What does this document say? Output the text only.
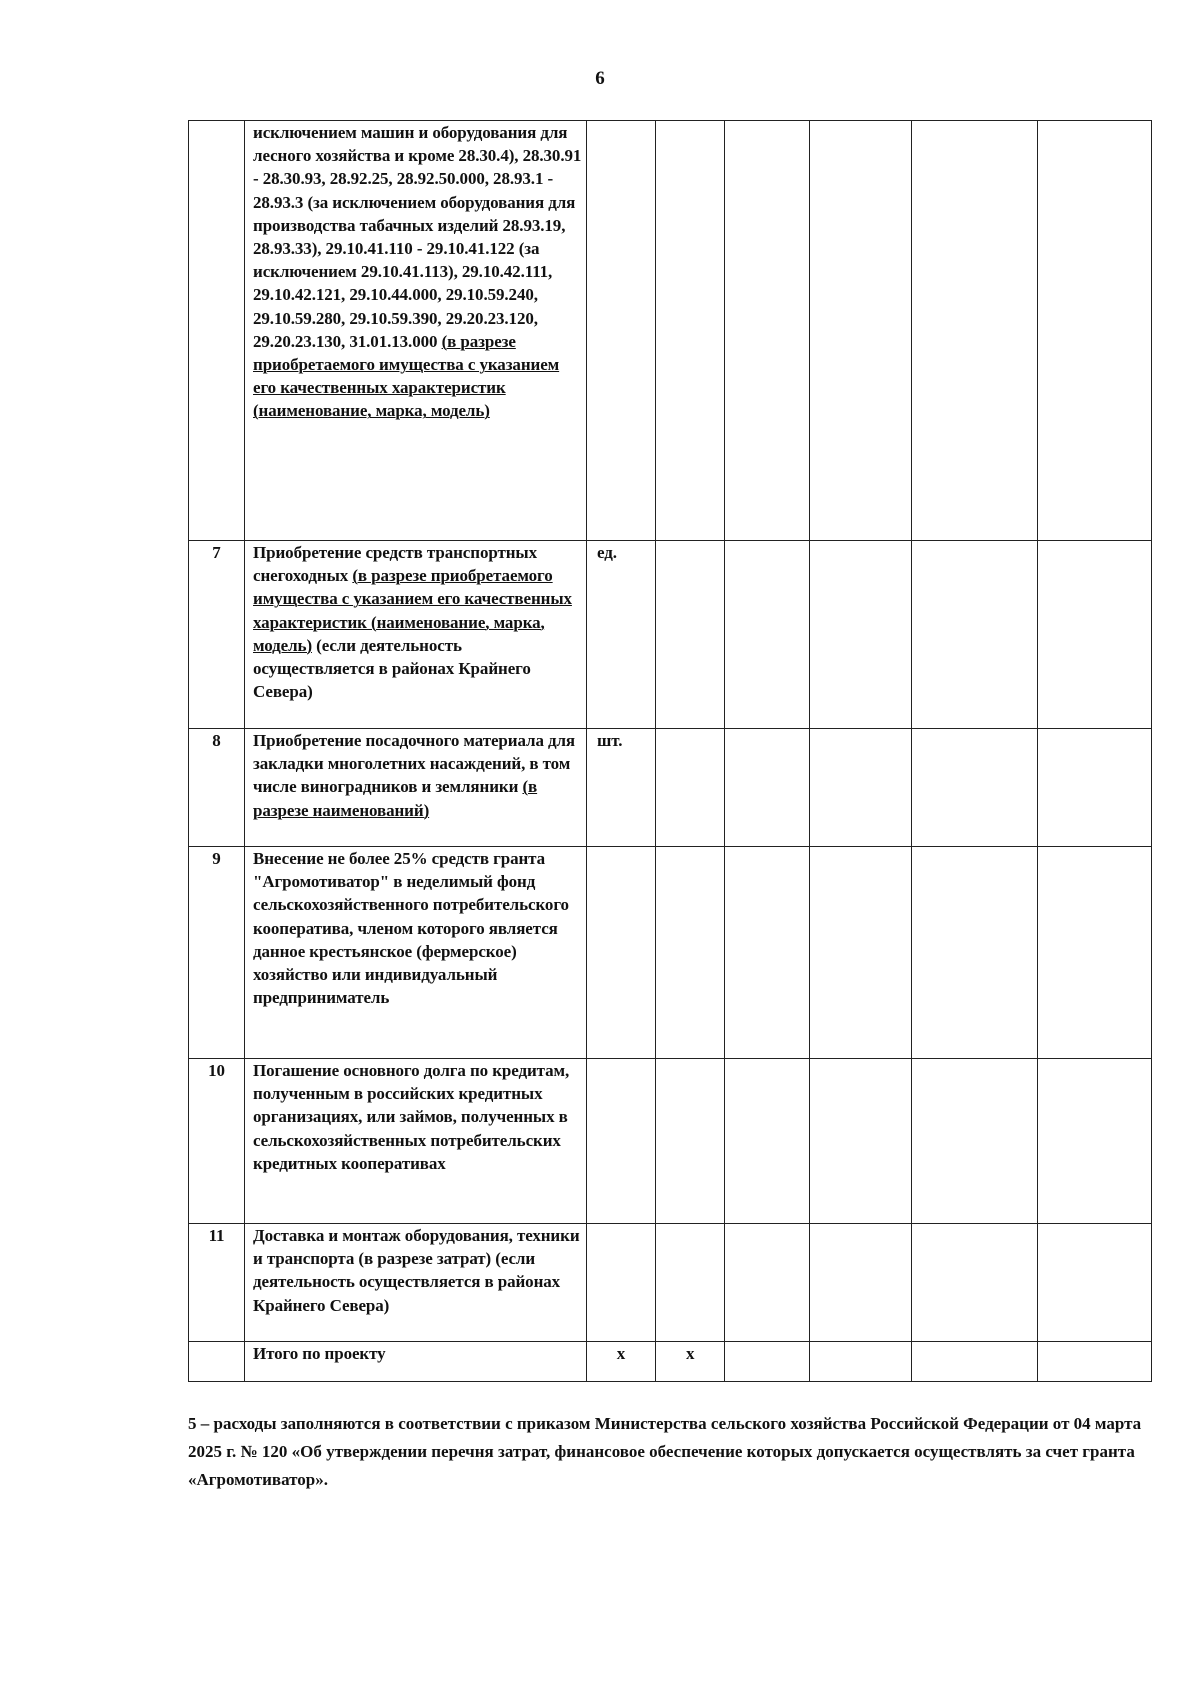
6
	исключением машин и оборудования для лесного хозяйства и кроме 28.30.4), 28.30.91 - 28.30.93, 28.92.25, 28.92.50.000, 28.93.1 - 28.93.3 (за исключением оборудования для производства табачных изделий 28.93.19, 28.93.33), 29.10.41.110 - 29.10.41.122 (за исключением 29.10.41.113), 29.10.42.111, 29.10.42.121, 29.10.44.000, 29.10.59.240, 29.10.59.280, 29.10.59.390, 29.20.23.120, 29.20.23.130, 31.01.13.000 (в разрезе приобретаемого имущества с указанием его качественных характеристик (наименование, марка, модель)						
7	Приобретение средств транспортных снегоходных (в разрезе приобретаемого имущества с указанием его качественных характеристик (наименование, марка, модель) (если деятельность осуществляется в районах Крайнего Севера)	ед.					
8	Приобретение посадочного материала для закладки многолетних насаждений, в том числе виноградников и земляники (в разрезе наименований)	шт.					
9	Внесение не более 25% средств гранта "Агромотиватор" в неделимый фонд сельскохозяйственного потребительского кооператива, членом которого является данное крестьянское (фермерское) хозяйство или индивидуальный предприниматель						
10	Погашение основного долга по кредитам, полученным в российских кредитных организациях, или займов, полученных в сельскохозяйственных потребительских кредитных кооперативах						
11	Доставка и монтаж оборудования, техники и транспорта (в разрезе затрат) (если деятельность осуществляется в районах Крайнего Севера)						
	Итого по проекту	х	х				
5 – расходы заполняются в соответствии с приказом Министерства сельского хозяйства Российской Федерации от 04 марта 2025 г. № 120 «Об утверждении перечня затрат, финансовое обеспечение которых допускается осуществлять за счет гранта «Агромотиватор».
